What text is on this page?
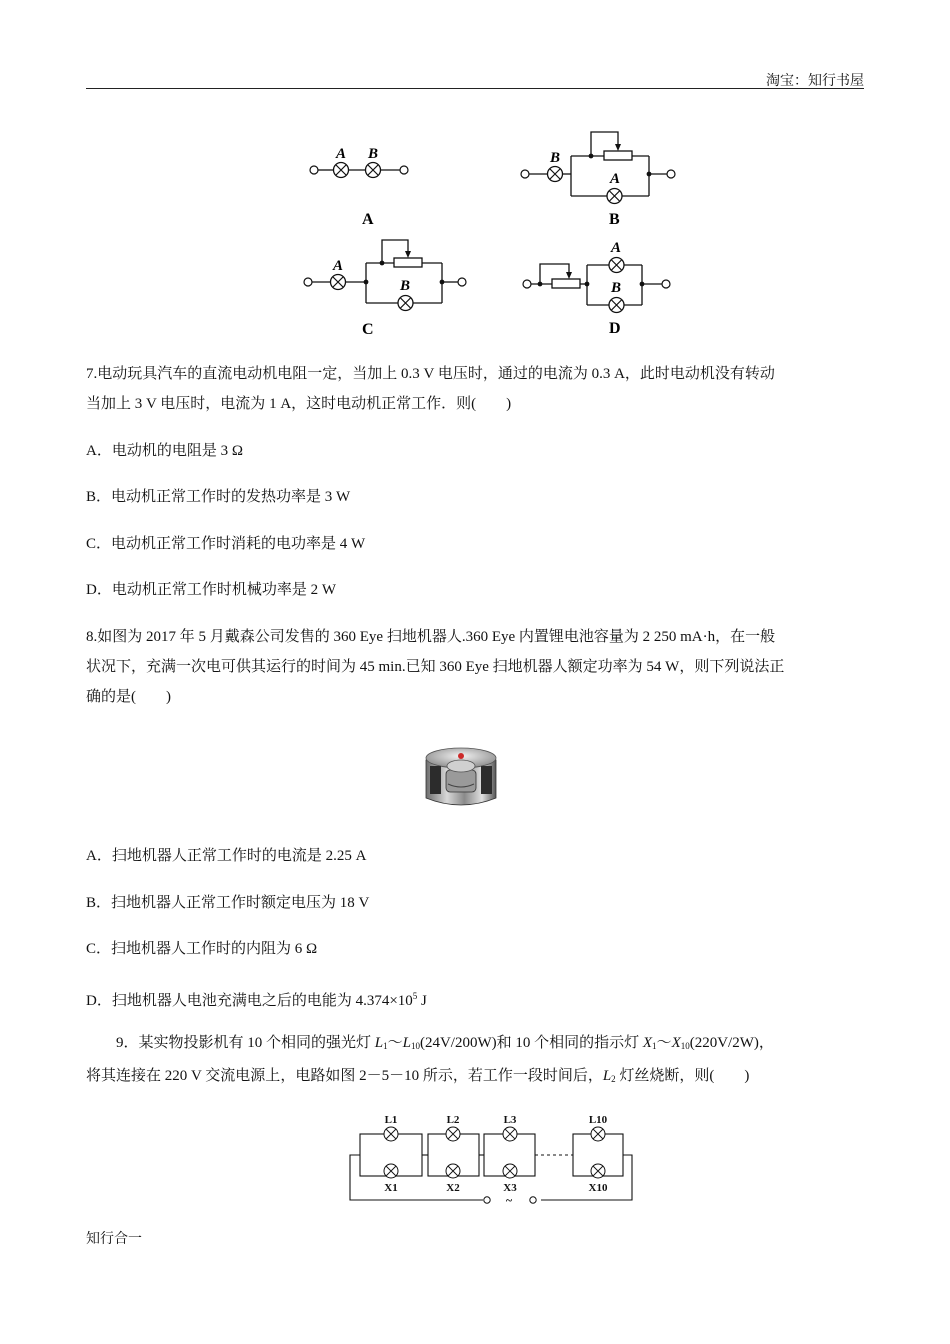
淘宝：知行书屋
A B
A
B
A
B
A
B
C
A
B
D
7.电动玩具汽车的直流电动机电阻一定，当加上 0.3 V 电压时，通过的电流为 0.3 A，此时电动机没有转动
当加上 3 V 电压时，电流为 1 A，这时电动机正常工作．则(　　)
A．电动机的电阻是 3 Ω
B．电动机正常工作时的发热功率是 3 W
C．电动机正常工作时消耗的电功率是 4 W
D．电动机正常工作时机械功率是 2 W
8.如图为 2017 年 5 月戴森公司发售的 360 Eye 扫地机器人.360 Eye 内置锂电池容量为 2 250 mA·h，在一般
状况下，充满一次电可供其运行的时间为 45 min.已知 360 Eye 扫地机器人额定功率为 54 W，则下列说法正
确的是(　　)
A．扫地机器人正常工作时的电流是 2.25 A
B．扫地机器人正常工作时额定电压为 18 V
C．扫地机器人工作时的内阻为 6 Ω
D．扫地机器人电池充满电之后的电能为 $4.374\times 10^5$ J
9．某实物投影机有 10 个相同的强光灯 $L_1\sim L_{10}(24V/200W)$和 10 个相同的指示灯 $X_1\sim X_{10}(220V/2W)$，
将其连接在 220 V 交流电源上，电路如图 2－5－10 所示，若工作一段时间后，$L_2$ 灯丝烧断，则(　　)
L1	L2	L3	L10
X1	X2	X3	X10
~
知行合一
